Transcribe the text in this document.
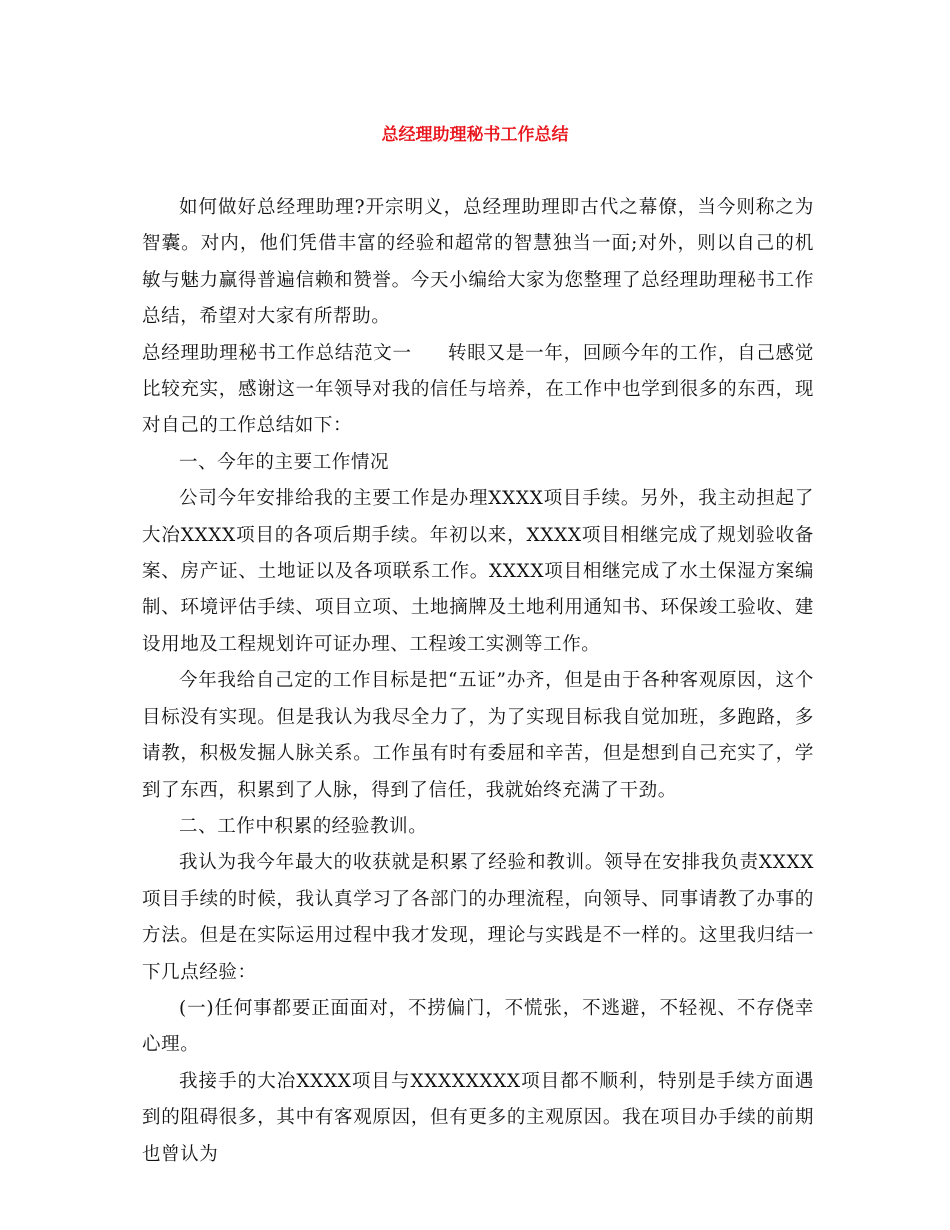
总经理助理秘书工作总结

如何做好总经理助理?开宗明义，总经理助理即古代之幕僚，当今则称之为智囊。对内，他们凭借丰富的经验和超常的智慧独当一面;对外，则以自己的机敏与魅力赢得普遍信赖和赞誉。今天小编给大家为您整理了总经理助理秘书工作总结，希望对大家有所帮助。

总经理助理秘书工作总结范文一 转眼又是一年，回顾今年的工作，自己感觉比较充实，感谢这一年领导对我的信任与培养，在工作中也学到很多的东西，现对自己的工作总结如下：

一、今年的主要工作情况

公司今年安排给我的主要工作是办理XXXX项目手续。另外，我主动担起了大冶XXXX项目的各项后期手续。年初以来，XXXX项目相继完成了规划验收备案、房产证、土地证以及各项联系工作。XXXX项目相继完成了水土保湿方案编制、环境评估手续、项目立项、土地摘牌及土地利用通知书、环保竣工验收、建设用地及工程规划许可证办理、工程竣工实测等工作。

今年我给自己定的工作目标是把“五证”办齐，但是由于各种客观原因，这个目标没有实现。但是我认为我尽全力了，为了实现目标我自觉加班，多跑路，多请教，积极发掘人脉关系。工作虽有时有委屈和辛苦，但是想到自己充实了，学到了东西，积累到了人脉，得到了信任，我就始终充满了干劲。

二、工作中积累的经验教训。

我认为我今年最大的收获就是积累了经验和教训。领导在安排我负责XXXX项目手续的时候，我认真学习了各部门的办理流程，向领导、同事请教了办事的方法。但是在实际运用过程中我才发现，理论与实践是不一样的。这里我归结一下几点经验：

(一)任何事都要正面面对，不捞偏门，不慌张，不逃避，不轻视、不存侥幸心理。

我接手的大冶XXXX项目与XXXXXXXX项目都不顺利，特别是手续方面遇到的阻碍很多，其中有客观原因，但有更多的主观原因。我在项目办手续的前期也曾认为
